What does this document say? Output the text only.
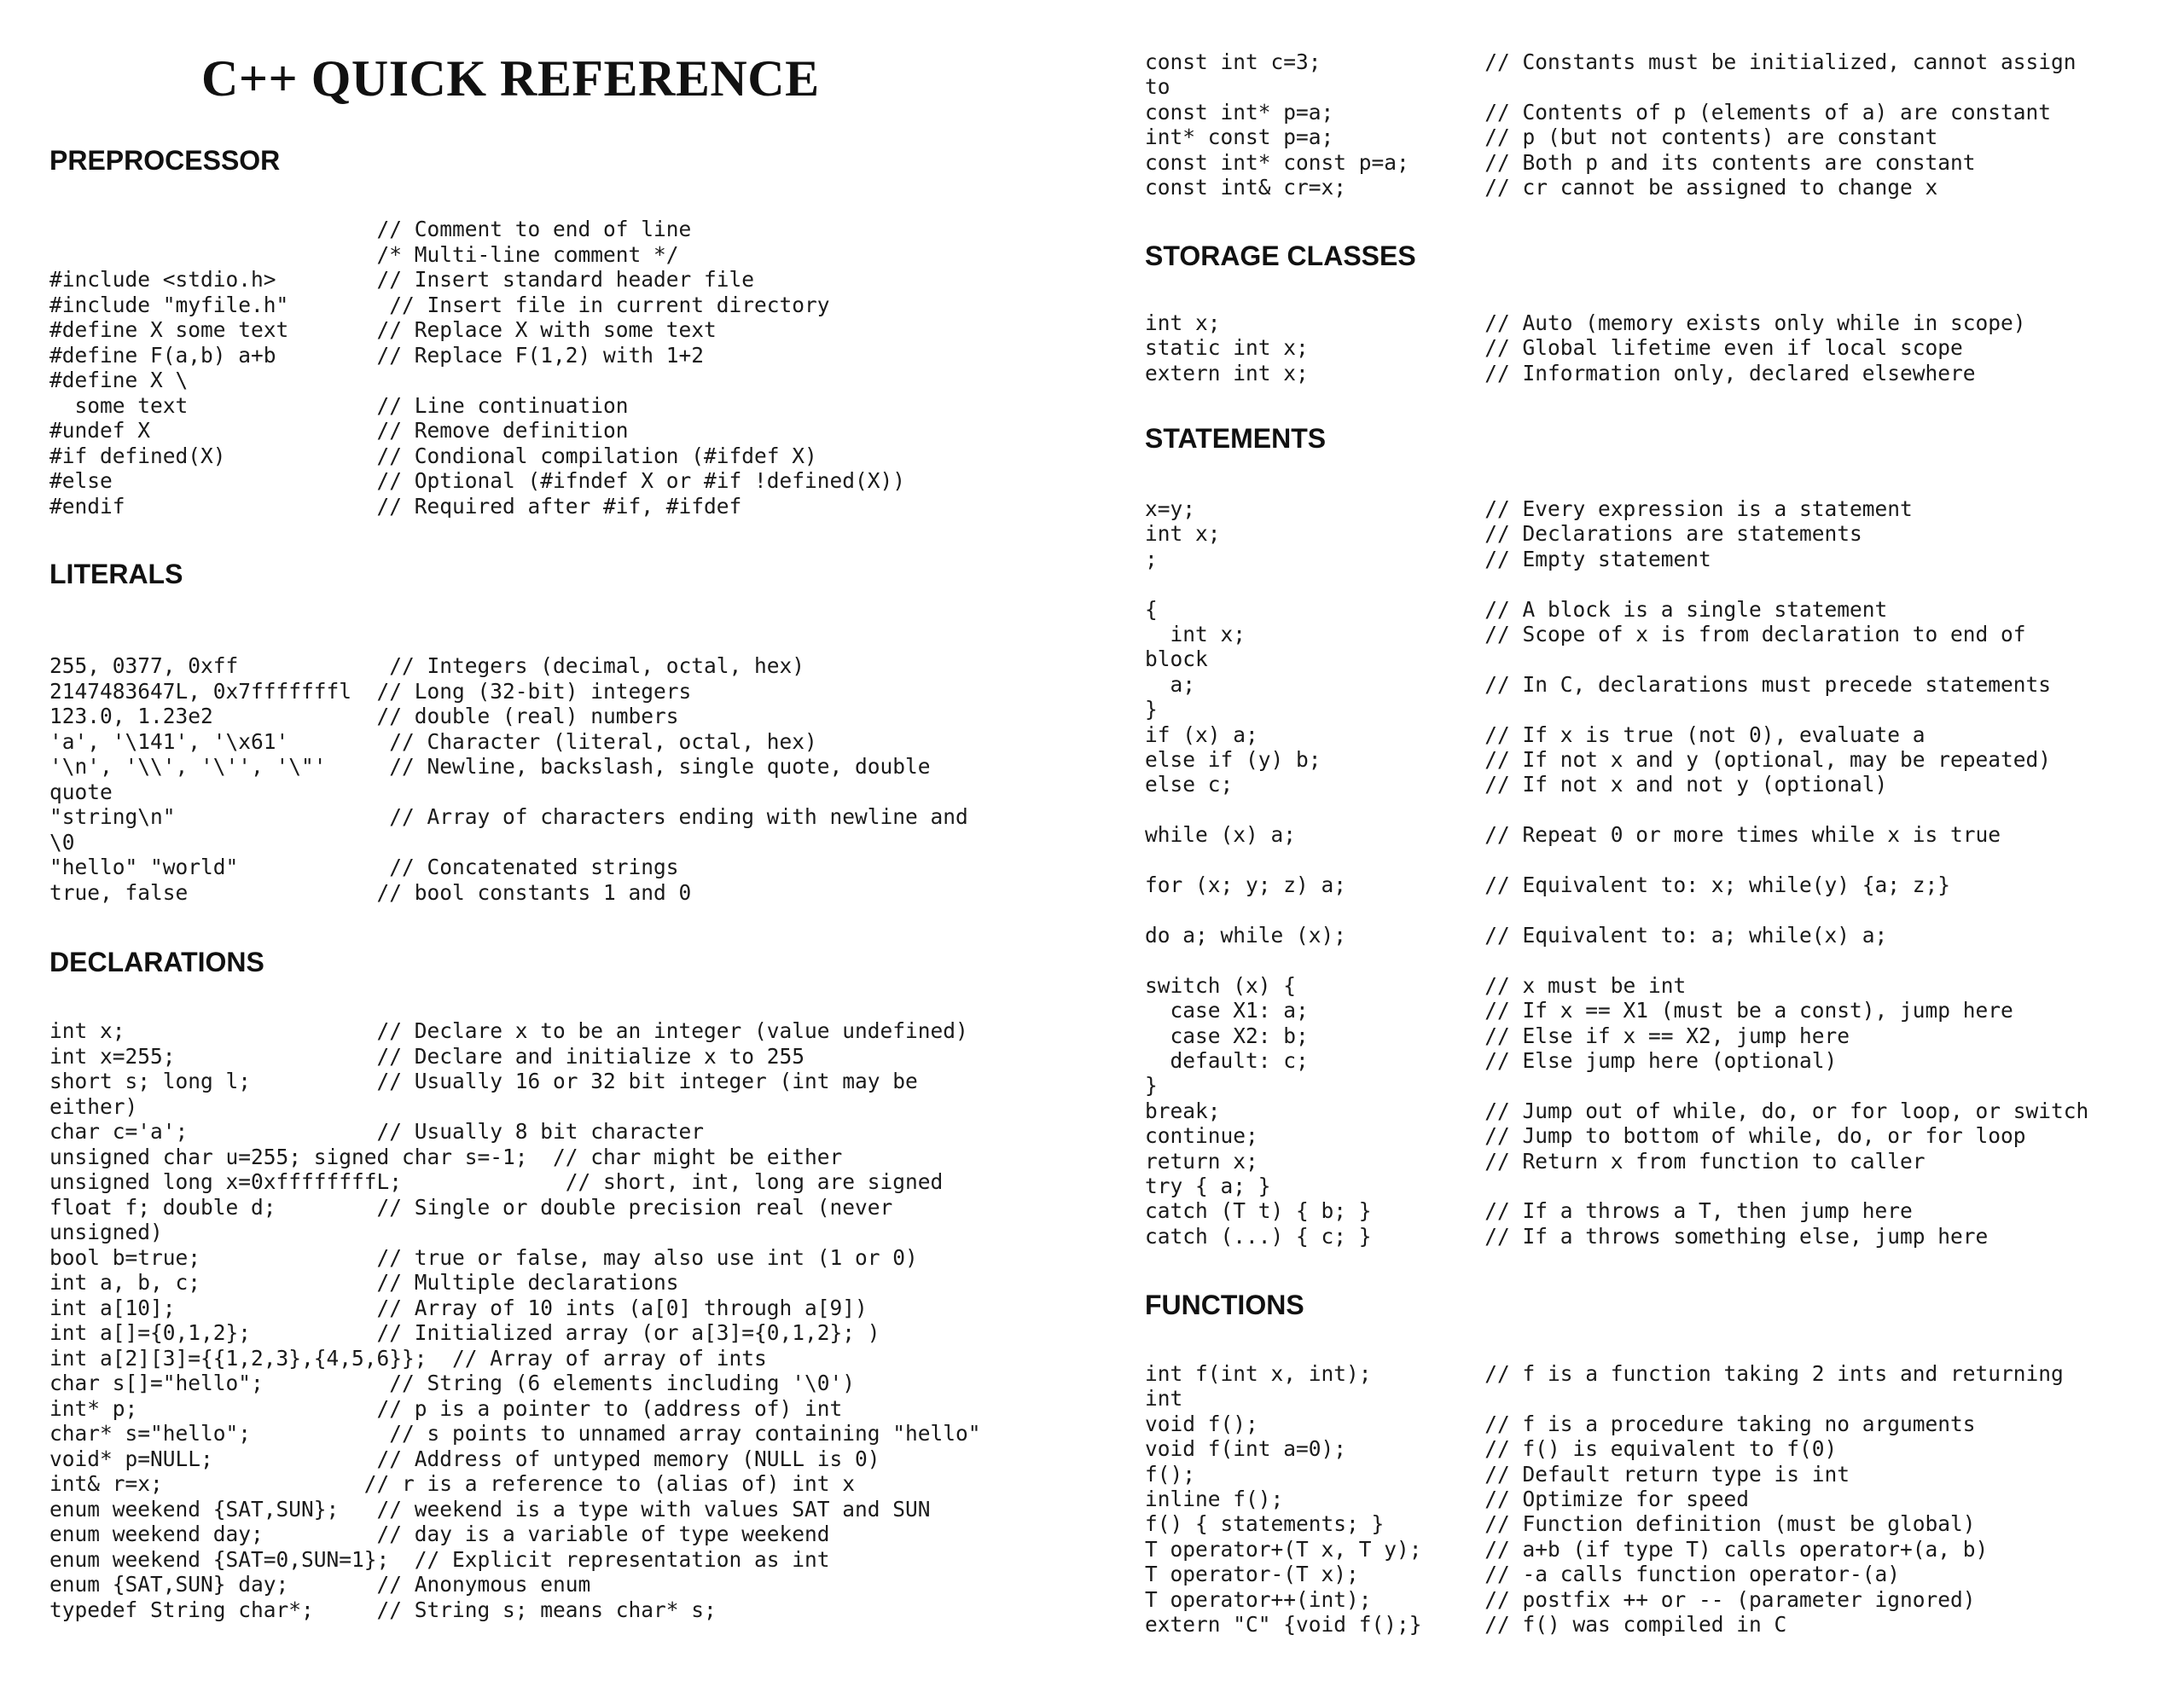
C++ QUICK REFERENCE
PREPROCESSOR
// Comment to end of line
/* Multi-line comment */
#include <stdio.h>        // Insert standard header file
#include "myfile.h"        // Insert file in current directory
#define X some text       // Replace X with some text
#define F(a,b) a+b        // Replace F(1,2) with 1+2
#define X \
some text               // Line continuation
#undef X                  // Remove definition
#if defined(X)            // Condional compilation (#ifdef X)
#else                     // Optional (#ifndef X or #if !defined(X))
#endif                    // Required after #if, #ifdef
LITERALS
255, 0377, 0xff            // Integers (decimal, octal, hex)
2147483647L, 0x7fffffffl  // Long (32-bit) integers
123.0, 1.23e2             // double (real) numbers
'a', '\141', '\x61'        // Character (literal, octal, hex)
'\n', '\\', '\'', '\"'     // Newline, backslash, single quote, double
quote
"string\n"                 // Array of characters ending with newline and
\0
"hello" "world"            // Concatenated strings
true, false               // bool constants 1 and 0
DECLARATIONS
int x;                    // Declare x to be an integer (value undefined)
int x=255;                // Declare and initialize x to 255
short s; long l;          // Usually 16 or 32 bit integer (int may be
either)
char c='a';               // Usually 8 bit character
unsigned char u=255; signed char s=-1;  // char might be either
unsigned long x=0xffffffffL;             // short, int, long are signed
float f; double d;        // Single or double precision real (never
unsigned)
bool b=true;              // true or false, may also use int (1 or 0)
int a, b, c;              // Multiple declarations
int a[10];                // Array of 10 ints (a[0] through a[9])
int a[]={0,1,2};          // Initialized array (or a[3]={0,1,2}; )
int a[2][3]={{1,2,3},{4,5,6}};  // Array of array of ints
char s[]="hello";          // String (6 elements including '\0')
int* p;                   // p is a pointer to (address of) int
char* s="hello";           // s points to unnamed array containing "hello"
void* p=NULL;             // Address of untyped memory (NULL is 0)
int& r=x;                // r is a reference to (alias of) int x
enum weekend {SAT,SUN};   // weekend is a type with values SAT and SUN
enum weekend day;         // day is a variable of type weekend
enum weekend {SAT=0,SUN=1};  // Explicit representation as int
enum {SAT,SUN} day;       // Anonymous enum
typedef String char*;     // String s; means char* s;
const int c=3;             // Constants must be initialized, cannot assign
to
const int* p=a;            // Contents of p (elements of a) are constant
int* const p=a;            // p (but not contents) are constant
const int* const p=a;      // Both p and its contents are constant
const int& cr=x;           // cr cannot be assigned to change x
STORAGE CLASSES
int x;                     // Auto (memory exists only while in scope)
static int x;              // Global lifetime even if local scope
extern int x;              // Information only, declared elsewhere
STATEMENTS
x=y;                       // Every expression is a statement
int x;                     // Declarations are statements
;                          // Empty statement

{                          // A block is a single statement
int x;                   // Scope of x is from declaration to end of
block
a;                       // In C, declarations must precede statements
}
if (x) a;                  // If x is true (not 0), evaluate a
else if (y) b;             // If not x and y (optional, may be repeated)
else c;                    // If not x and not y (optional)

while (x) a;               // Repeat 0 or more times while x is true

for (x; y; z) a;           // Equivalent to: x; while(y) {a; z;}

do a; while (x);           // Equivalent to: a; while(x) a;

switch (x) {               // x must be int
case X1: a;              // If x == X1 (must be a const), jump here
case X2: b;              // Else if x == X2, jump here
default: c;              // Else jump here (optional)
}
break;                     // Jump out of while, do, or for loop, or switch
continue;                  // Jump to bottom of while, do, or for loop
return x;                  // Return x from function to caller
try { a; }
catch (T t) { b; }         // If a throws a T, then jump here
catch (...) { c; }         // If a throws something else, jump here
FUNCTIONS
int f(int x, int);         // f is a function taking 2 ints and returning
int
void f();                  // f is a procedure taking no arguments
void f(int a=0);           // f() is equivalent to f(0)
f();                       // Default return type is int
inline f();                // Optimize for speed
f() { statements; }        // Function definition (must be global)
T operator+(T x, T y);     // a+b (if type T) calls operator+(a, b)
T operator-(T x);          // -a calls function operator-(a)
T operator++(int);         // postfix ++ or -- (parameter ignored)
extern "C" {void f();}     // f() was compiled in C
